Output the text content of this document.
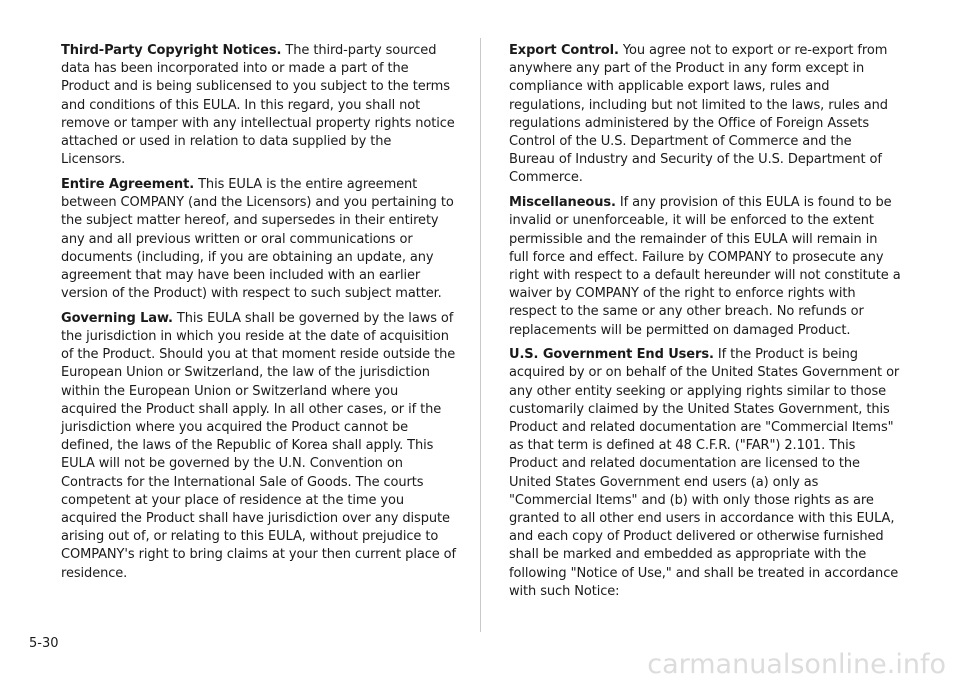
Third-Party Copyright Notices. The third-party sourced data has been incorporated into or made a part of the Product and is being sublicensed to you subject to the terms and conditions of this EULA. In this regard, you shall not remove or tamper with any intellectual property rights notice attached or used in relation to data supplied by the Licensors.

Entire Agreement. This EULA is the entire agreement between COMPANY (and the Licensors) and you pertaining to the subject matter hereof, and supersedes in their entirety any and all previous written or oral communications or documents (including, if you are obtaining an update, any agreement that may have been included with an earlier version of the Product) with respect to such subject matter.

Governing Law. This EULA shall be governed by the laws of the jurisdiction in which you reside at the date of acquisition of the Product. Should you at that moment reside outside the European Union or Switzerland, the law of the jurisdiction within the European Union or Switzerland where you acquired the Product shall apply. In all other cases, or if the jurisdiction where you acquired the Product cannot be defined, the laws of the Republic of Korea shall apply. This EULA will not be governed by the U.N. Convention on Contracts for the International Sale of Goods. The courts competent at your place of residence at the time you acquired the Product shall have jurisdiction over any dispute arising out of, or relating to this EULA, without prejudice to COMPANY's right to bring claims at your then current place of residence.

Export Control. You agree not to export or re-export from anywhere any part of the Product in any form except in compliance with applicable export laws, rules and regulations, including but not limited to the laws, rules and regulations administered by the Office of Foreign Assets Control of the U.S. Department of Commerce and the Bureau of Industry and Security of the U.S. Department of Commerce.

Miscellaneous. If any provision of this EULA is found to be invalid or unenforceable, it will be enforced to the extent permissible and the remainder of this EULA will remain in full force and effect. Failure by COMPANY to prosecute any right with respect to a default hereunder will not constitute a waiver by COMPANY of the right to enforce rights with respect to the same or any other breach. No refunds or replacements will be permitted on damaged Product.

U.S. Government End Users. If the Product is being acquired by or on behalf of the United States Government or any other entity seeking or applying rights similar to those customarily claimed by the United States Government, this Product and related documentation are "Commercial Items" as that term is defined at 48 C.F.R. ("FAR") 2.101. This Product and related documentation are licensed to the United States Government end users (a) only as "Commercial Items" and (b) with only those rights as are granted to all other end users in accordance with this EULA, and each copy of Product delivered or otherwise furnished shall be marked and embedded as appropriate with the following "Notice of Use," and shall be treated in accordance with such Notice:

5-30
carmanualsonline.info
